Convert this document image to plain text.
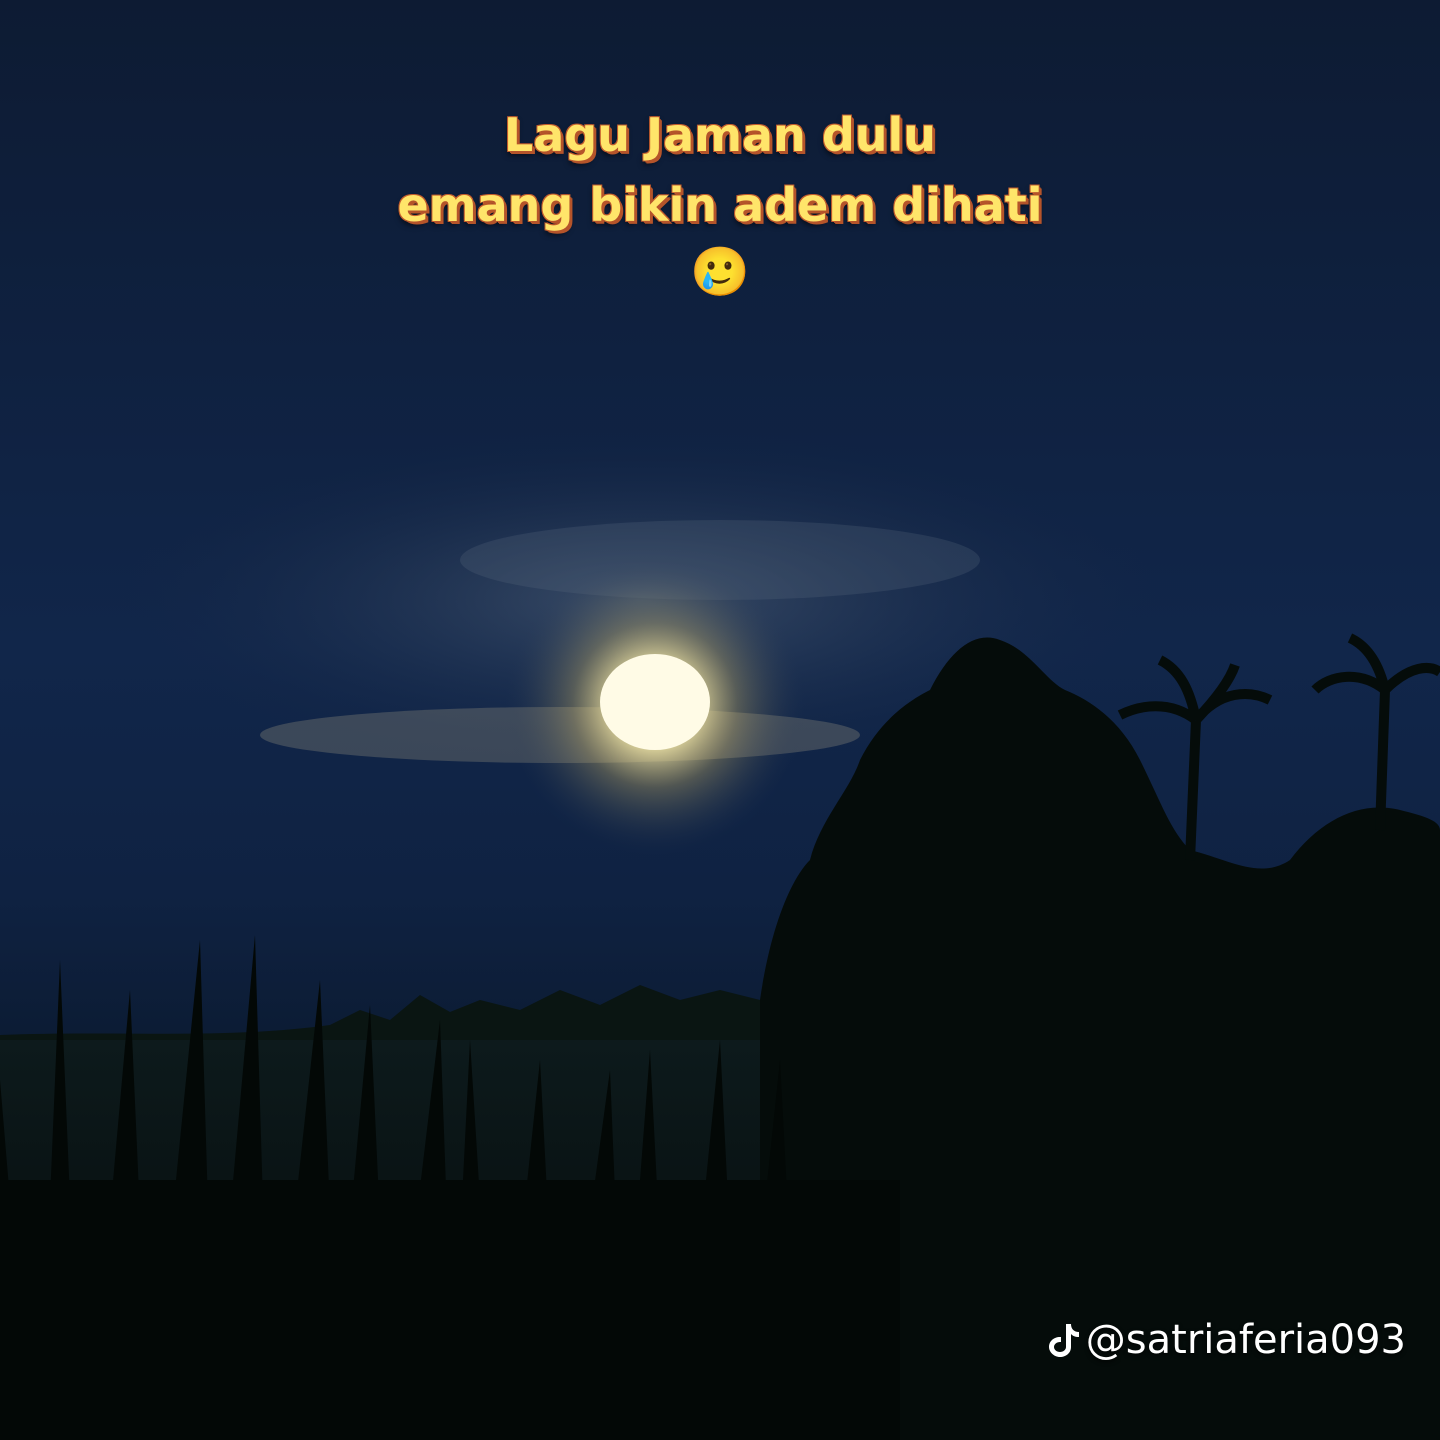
Lagu Jaman dulu
emang bikin adem dihati
🥲
@satriaferia093
